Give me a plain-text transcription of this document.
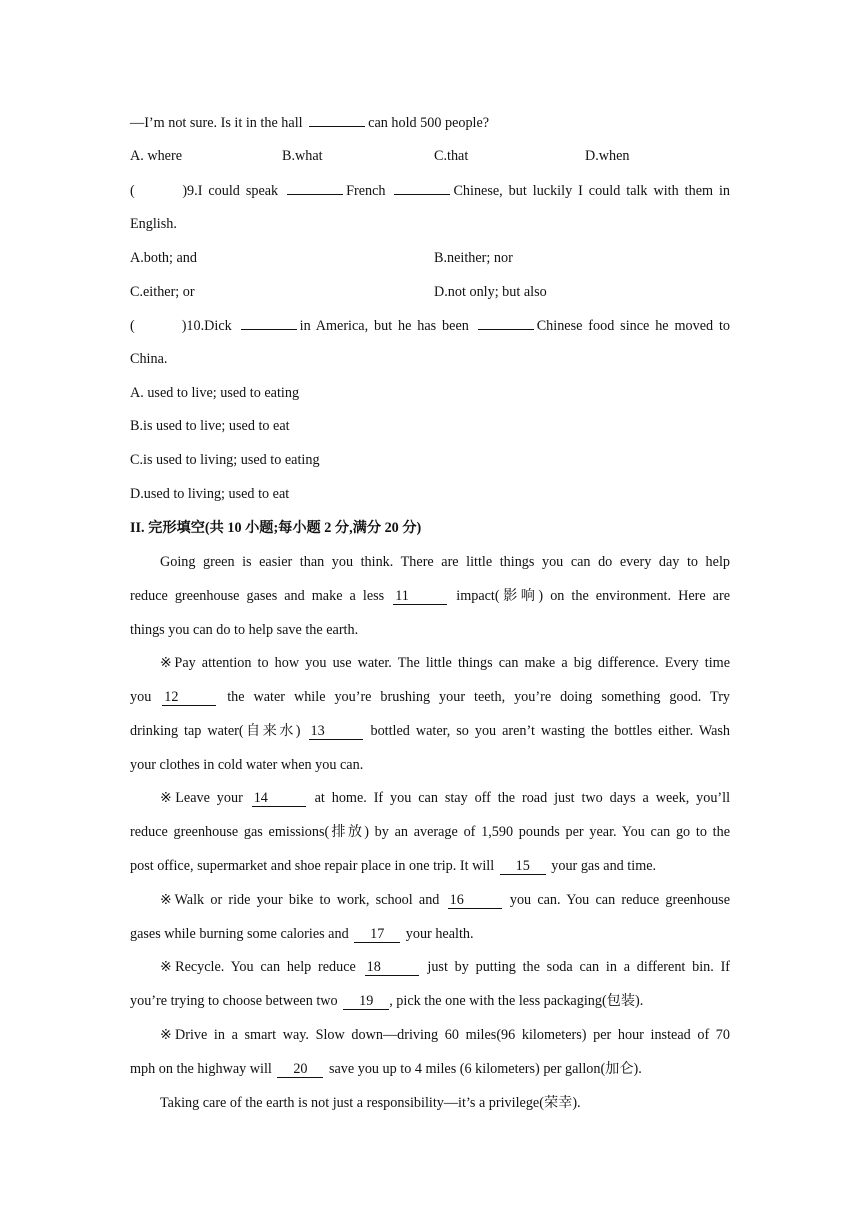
—I’m not sure. Is it in the hall	can hold 500 people?
A. where	B.what	C.that	D.when
(        )9.I could speak	French	Chinese, but luckily I could talk with them in
English.
A.both; and	B.neither; nor
C.either; or	D.not only; but also
(        )10.Dick	in America, but he has been	Chinese food since he moved to
China.
A. used to live; used to eating
B.is used to live; used to eat
C.is used to living; used to eating
D.used to living; used to eat
II. 完形填空(共 10 小题;每小题 2 分,满分 20 分)
Going green is easier than you think. There are little things you can do every day to help
reduce greenhouse gases and make a less 11	impact(影响) on the environment. Here are
things you can do to help save the earth.
※Pay attention to how you use water. The little things can make a big difference. Every time
you 12	the water while you’re brushing your teeth, you’re doing something good. Try
drinking tap water(自来水) 13	bottled water, so you aren’t wasting the bottles either. Wash
your clothes in cold water when you can.
※Leave your 14	at home. If you can stay off the road just two days a week, you’ll
reduce greenhouse gas emissions(排放) by an average of 1,590 pounds per year. You can go to the
post office, supermarket and shoe repair place in one trip. It will 15 your gas and time.
※Walk or ride your bike to work, school and 16	you can. You can reduce greenhouse
gases while burning some calories and 17 your health.
※Recycle. You can help reduce 18	just by putting the soda can in a different bin. If
you’re trying to choose between two 19 , pick the one with the less packaging(包装).
※Drive in a smart way. Slow down—driving 60 miles(96 kilometers) per hour instead of 70
mph on the highway will 20 save you up to 4 miles (6 kilometers) per gallon(加仑).
Taking care of the earth is not just a responsibility—it’s a privilege(荣幸).
